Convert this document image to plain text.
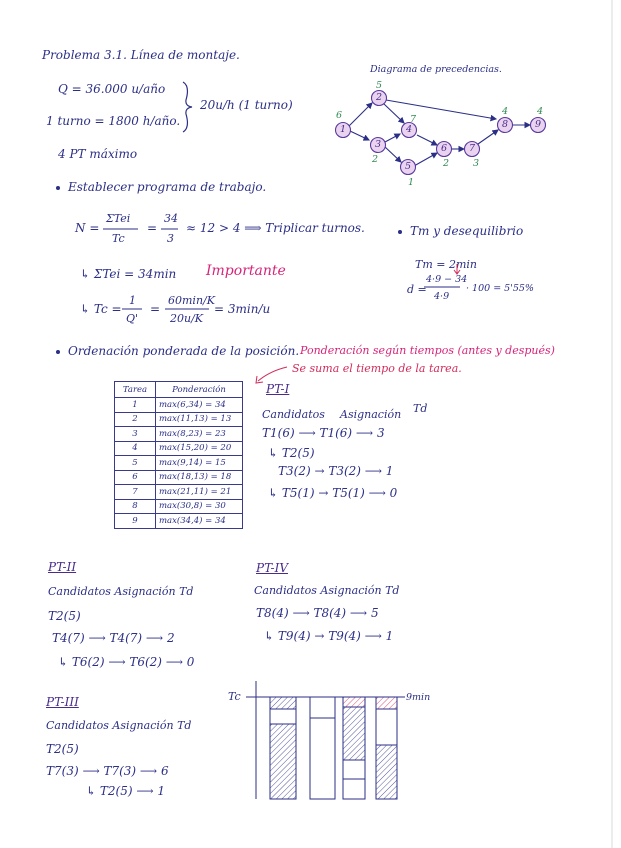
Problema 3.1. Línea de montaje.
Diagrama de precedencias.
Q = 36.000 u/año
1 turno = 1800 h/año.
20u/h (1 turno)
4 PT máximo
1
2
3
4
5
6 7
8	9
6
5
2
7
1
2	3
4	4
Establecer programa de trabajo.
N =
ΣTei
Tc
=
34
3
≈ 12 > 4 ⟹ Triplicar turnos.
↳ ΣTei = 34min Importante
↳ Tc =
1
Q'
=
60min/K
20u/K
= 3min/u
Tm y desequilibrio
Tm = 2min
d =
4·9 − 34
4·9
· 100 = 5'55%
Ordenación ponderada de la posición. Ponderación según tiempos (antes y después)
Se suma el tiempo de la tarea.
Tarea	Ponderación
1	max(6,34) = 34
2	max(11,13) = 13
3	max(8,23) = 23
4	max(15,20) = 20
5	max(9,14) = 15
6	max(18,13) = 18
7	max(21,11) = 21
8	max(30,8) = 30
9	max(34,4) = 34
PT-I
Candidatos Asignación Td
T1(6) ⟶ T1(6) ⟶ 3
↳ T2(5)
T3(2) → T3(2) ⟶ 1
↳ T5(1) → T5(1) ⟶ 0
PT-II
Candidatos Asignación Td
T2(5)
T4(7) ⟶ T4(7) ⟶ 2
↳ T6(2) ⟶ T6(2) ⟶ 0
PT-IV
Candidatos Asignación Td
T8(4) ⟶ T8(4) ⟶ 5
↳ T9(4) → T9(4) ⟶ 1
PT-III
Candidatos Asignación Td
T2(5)
T7(3) ⟶ T7(3) ⟶ 6
↳ T2(5) ⟶ 1
Tc	9min
